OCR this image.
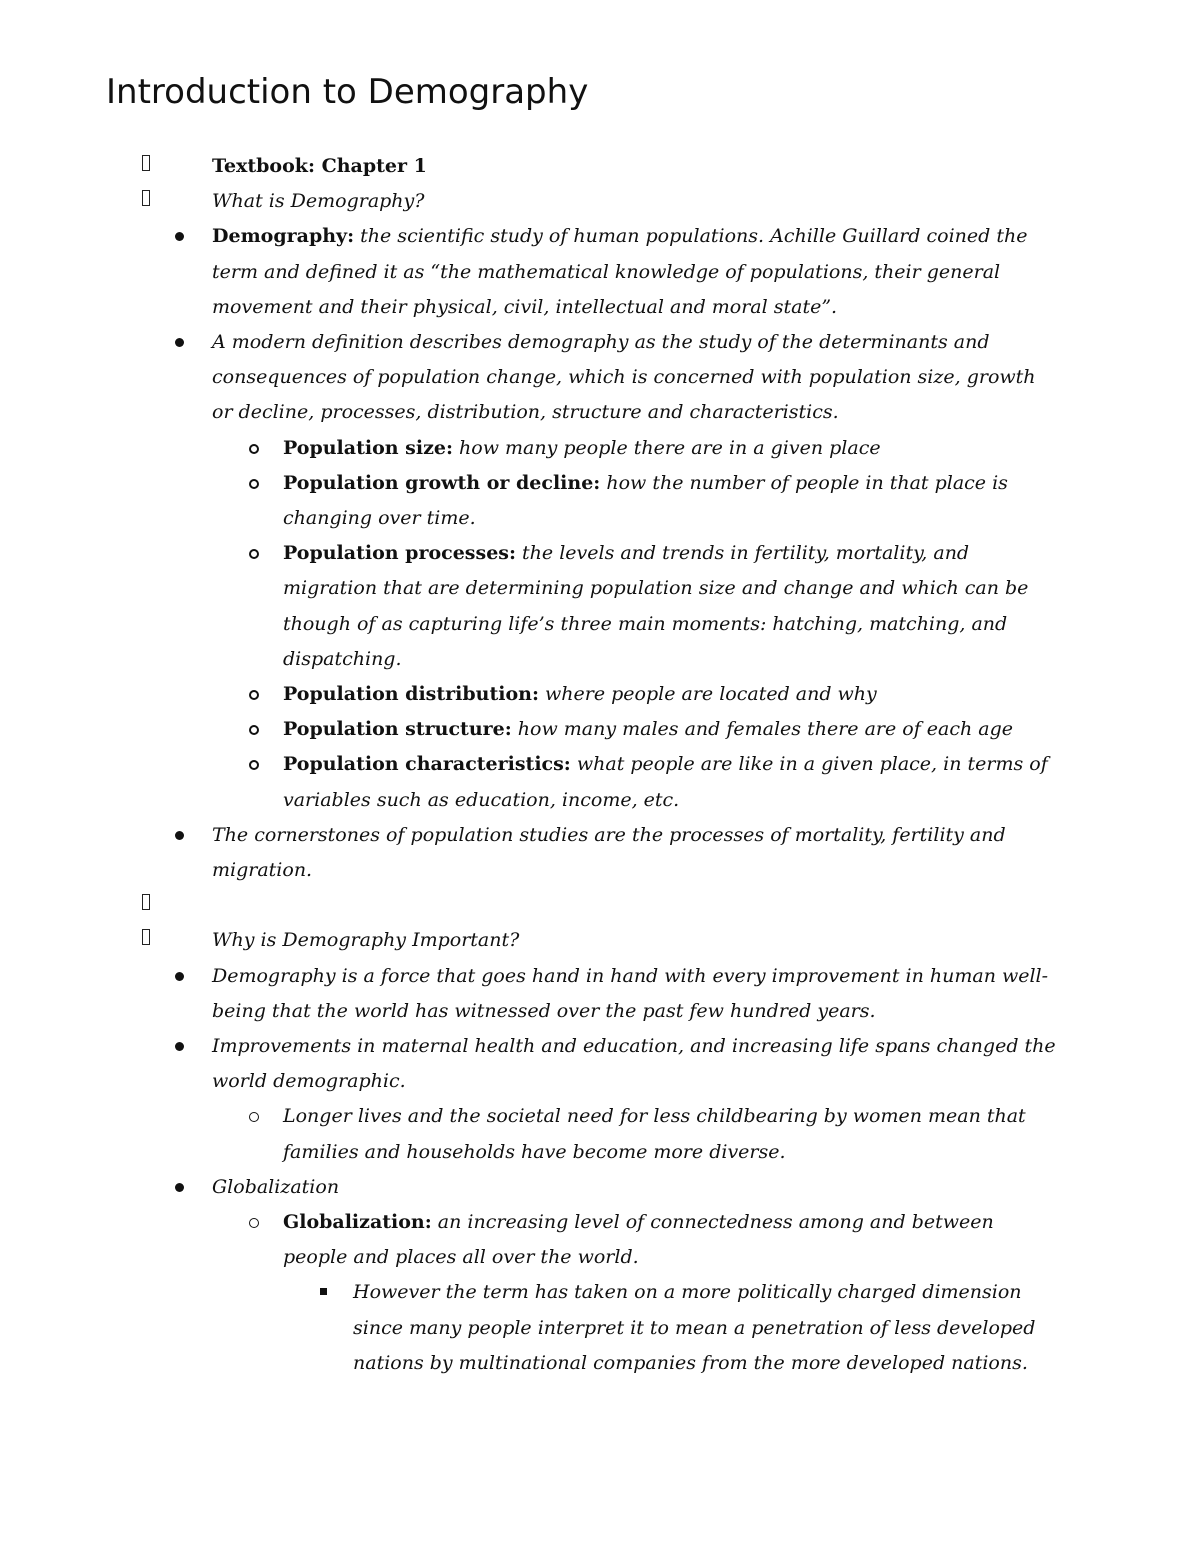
Introduction to Demography
Textbook: Chapter 1
What is Demography?
Demography: the scientific study of human populations. Achille Guillard coined the
term and defined it as “the mathematical knowledge of populations, their general
movement and their physical, civil, intellectual and moral state”.
A modern definition describes demography as the study of the determinants and
consequences of population change, which is concerned with population size, growth
or decline, processes, distribution, structure and characteristics.
Population size: how many people there are in a given place
Population growth or decline: how the number of people in that place is
changing over time.
Population processes: the levels and trends in fertility, mortality, and
migration that are determining population size and change and which can be
though of as capturing life’s three main moments: hatching, matching, and
dispatching.
Population distribution: where people are located and why
Population structure: how many males and females there are of each age
Population characteristics: what people are like in a given place, in terms of
variables such as education, income, etc.
The cornerstones of population studies are the processes of mortality, fertility and
migration.
Why is Demography Important?
Demography is a force that goes hand in hand with every improvement in human well-
being that the world has witnessed over the past few hundred years.
Improvements in maternal health and education, and increasing life spans changed the
world demographic.
Longer lives and the societal need for less childbearing by women mean that
families and households have become more diverse.
Globalization
Globalization: an increasing level of connectedness among and between
people and places all over the world.
However the term has taken on a more politically charged dimension
since many people interpret it to mean a penetration of less developed
nations by multinational companies from the more developed nations.
